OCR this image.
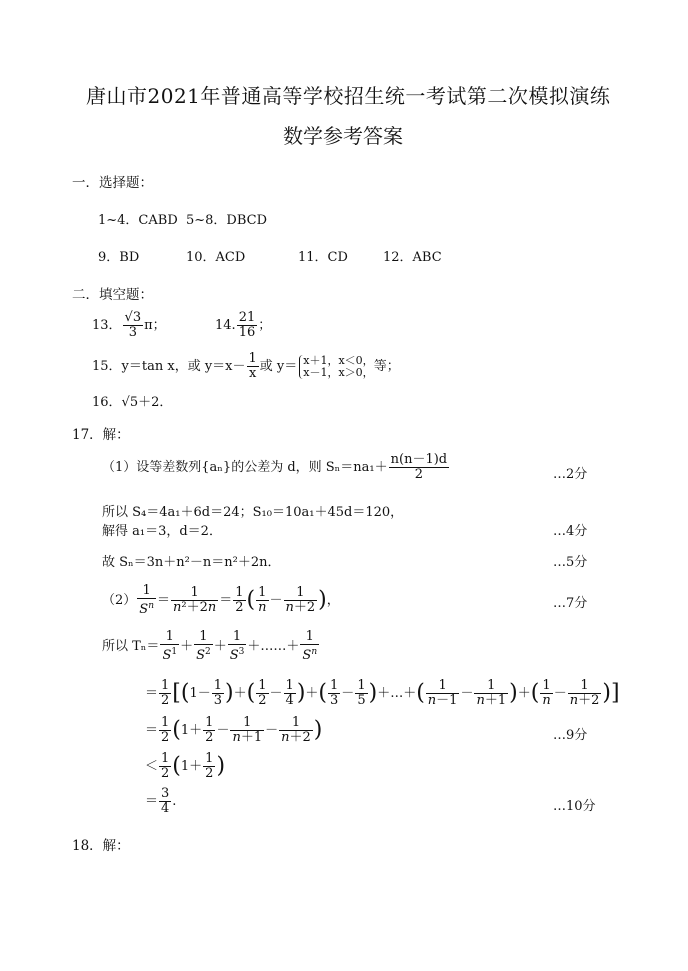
唐山市2021年普通高等学校招生统一考试第二次模拟演练
数学参考答案
一．选择题：
1~4．CABD 5~8．DBCD
9．BD	10．ACD	11．CD	12．ABC
二．填空题：
13． $\frac{√3}{3}$ π；	14. $\frac{21}{16}$ ；
15．y＝tan x，或 $y=x- \frac{1}{x}$ 或 y＝ x＋1，x＜0，
x－1，x＞0， 等；
16．√5＋2．
17．解：
（1）设等差数列{aₙ}的公差为 d，则 $S_n=na_1+ \frac{n(n-1)d}{2}$	…2分
所以 S₄＝4a₁＋6d＝24；S₁₀＝10a₁＋45d＝120，
解得 a₁＝3，d＝2．	…4分
故 Sₙ＝3n＋n²－n＝n²＋2n．	…5分
$(2) \frac{1}{S^n} = \frac{1}{\text{n²＋2n}} = \frac{1}{2}$ ( $\frac{1}{n} - \frac{1}{n+2}$ )，	…7分
所以 $T_n= \frac{1}{S^1} + \frac{1}{S^2} + \frac{1}{S^3}$ ＋……＋ $\frac{1}{S^n}$
＝ $\frac{1}{2} [(1- \frac{1}{3}$ )＋( $\frac{1}{2} - \frac{1}{4}$ )＋( $\frac{1}{3} - \frac{1}{5}$ )＋…＋( $\frac{1}{n-1} - \frac{1}{n+1}$ )＋( $\frac{1}{n} - \frac{1}{n+2}$ )]
＝ $\frac{1}{2} (1+ \frac{1}{2} - \frac{1}{n+1} - \frac{1}{n+2}$ )	…9分
＜ $\frac{1}{2} (1+ \frac{1}{2}$ )
＝ $\frac{3}{4}$ .	…10分
18．解：
